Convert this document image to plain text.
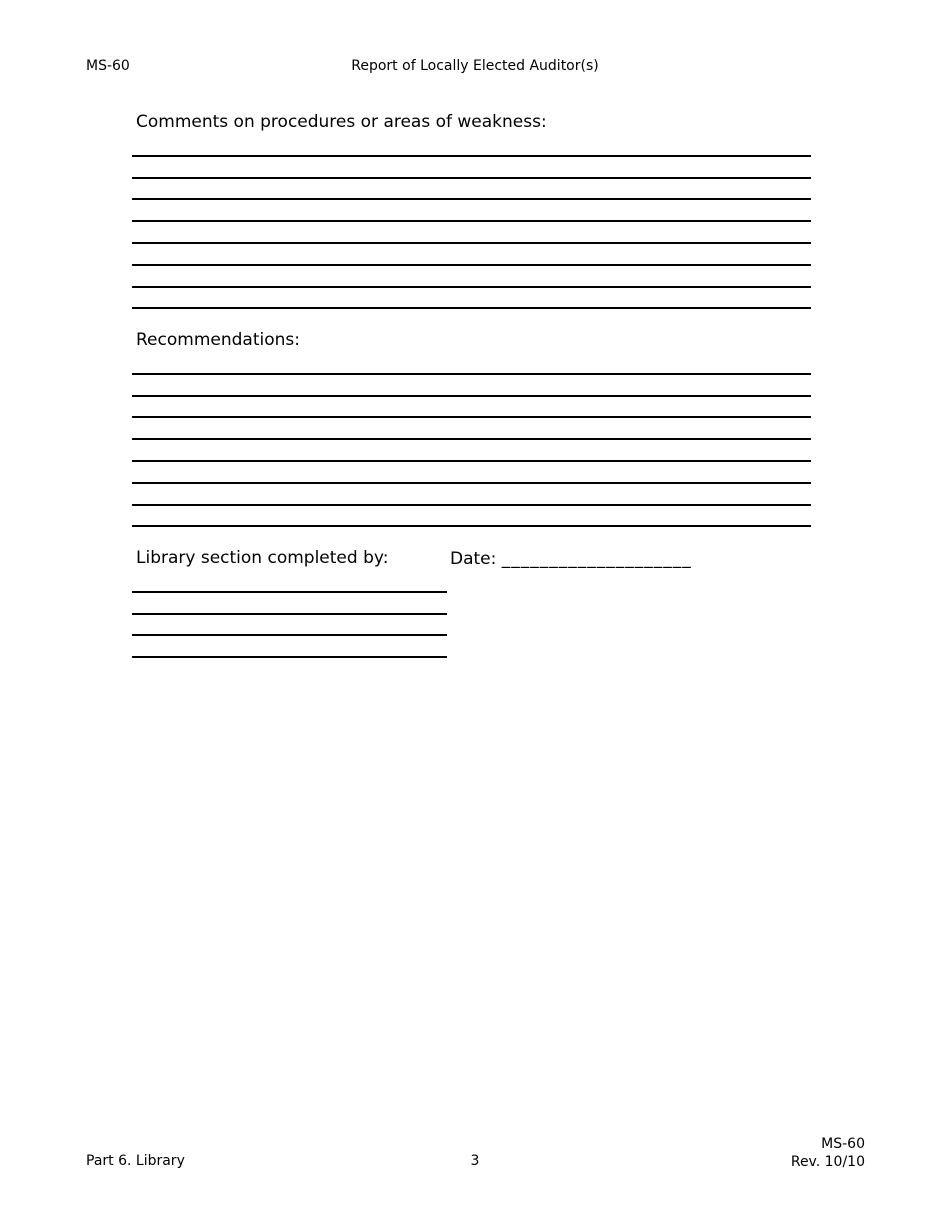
MS-60	Report of Locally Elected Auditor(s)
Comments on procedures or areas of weakness:
Recommendations:
Library section completed by:	Date: ____________________
Part 6. Library	3
MS-60
Rev. 10/10
